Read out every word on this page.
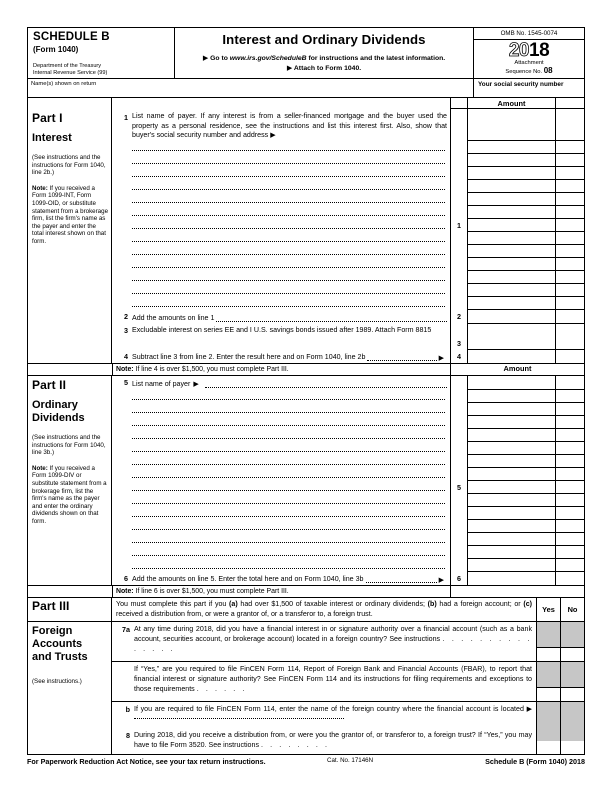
SCHEDULE B
(Form 1040)
Department of the Treasury
Internal Revenue Service (99)
Interest and Ordinary Dividends
▶ Go to www.irs.gov/ScheduleB for instructions and the latest information.
▶ Attach to Form 1040.
OMB No. 1545-0074
2018
Attachment
Sequence No. 08
Name(s) shown on return	Your social security number
Amount
Part I
Interest
(See instructions and the instructions for Form 1040, line 2b.)
Note: If you received a Form 1099-INT, Form 1099-OID, or substitute statement from a brokerage firm, list the firm's name as the payer and enter the total interest shown on that form.
1 List name of payer. If any interest is from a seller-financed mortgage and the buyer used the property as a personal residence, see the instructions and list this interest first. Also, show that buyer's social security number and address ▶
1
2 Add the amounts on line 1	2
3 Excludable interest on series EE and I U.S. savings bonds issued after 1989. Attach Form 8815
3
4 Subtract line 3 from line 2. Enter the result here and on Form 1040, line 2b	▶	4
Note: If line 4 is over $1,500, you must complete Part III.	Amount
Part II
Ordinary
Dividends
(See instructions and the instructions for Form 1040, line 3b.)
Note: If you received a Form 1099-DIV or substitute statement from a brokerage firm, list the firm's name as the payer and enter the ordinary dividends shown on that form.
5 List name of payer ▶
5
6 Add the amounts on line 5. Enter the total here and on Form 1040, line 3b	▶	6
Note: If line 6 is over $1,500, you must complete Part III.
Part III	You must complete this part if you (a) had over $1,500 of taxable interest or ordinary dividends; (b) had a foreign account; or (c) received a distribution from, or were a grantor of, or a transferor to, a foreign trust.	Yes	No
Foreign
Accounts
and Trusts
(See instructions.)
7a At any time during 2018, did you have a financial interest in or signature authority over a financial account (such as a bank account, securities account, or brokerage account) located in a foreign country? See instructions . . . . . . . . . . . . . . .
If “Yes,” are you required to file FinCEN Form 114, Report of Foreign Bank and Financial Accounts (FBAR), to report that financial interest or signature authority? See FinCEN Form 114 and its instructions for filing requirements and exceptions to those requirements . . . . . .
b If you are required to file FinCEN Form 114, enter the name of the foreign country where the financial account is located ▶
8 During 2018, did you receive a distribution from, or were you the grantor of, or transferor to, a foreign trust? If “Yes,” you may have to file Form 3520. See instructions . . . . . . . .
For Paperwork Reduction Act Notice, see your tax return instructions.	Cat. No. 17146N	Schedule B (Form 1040) 2018
